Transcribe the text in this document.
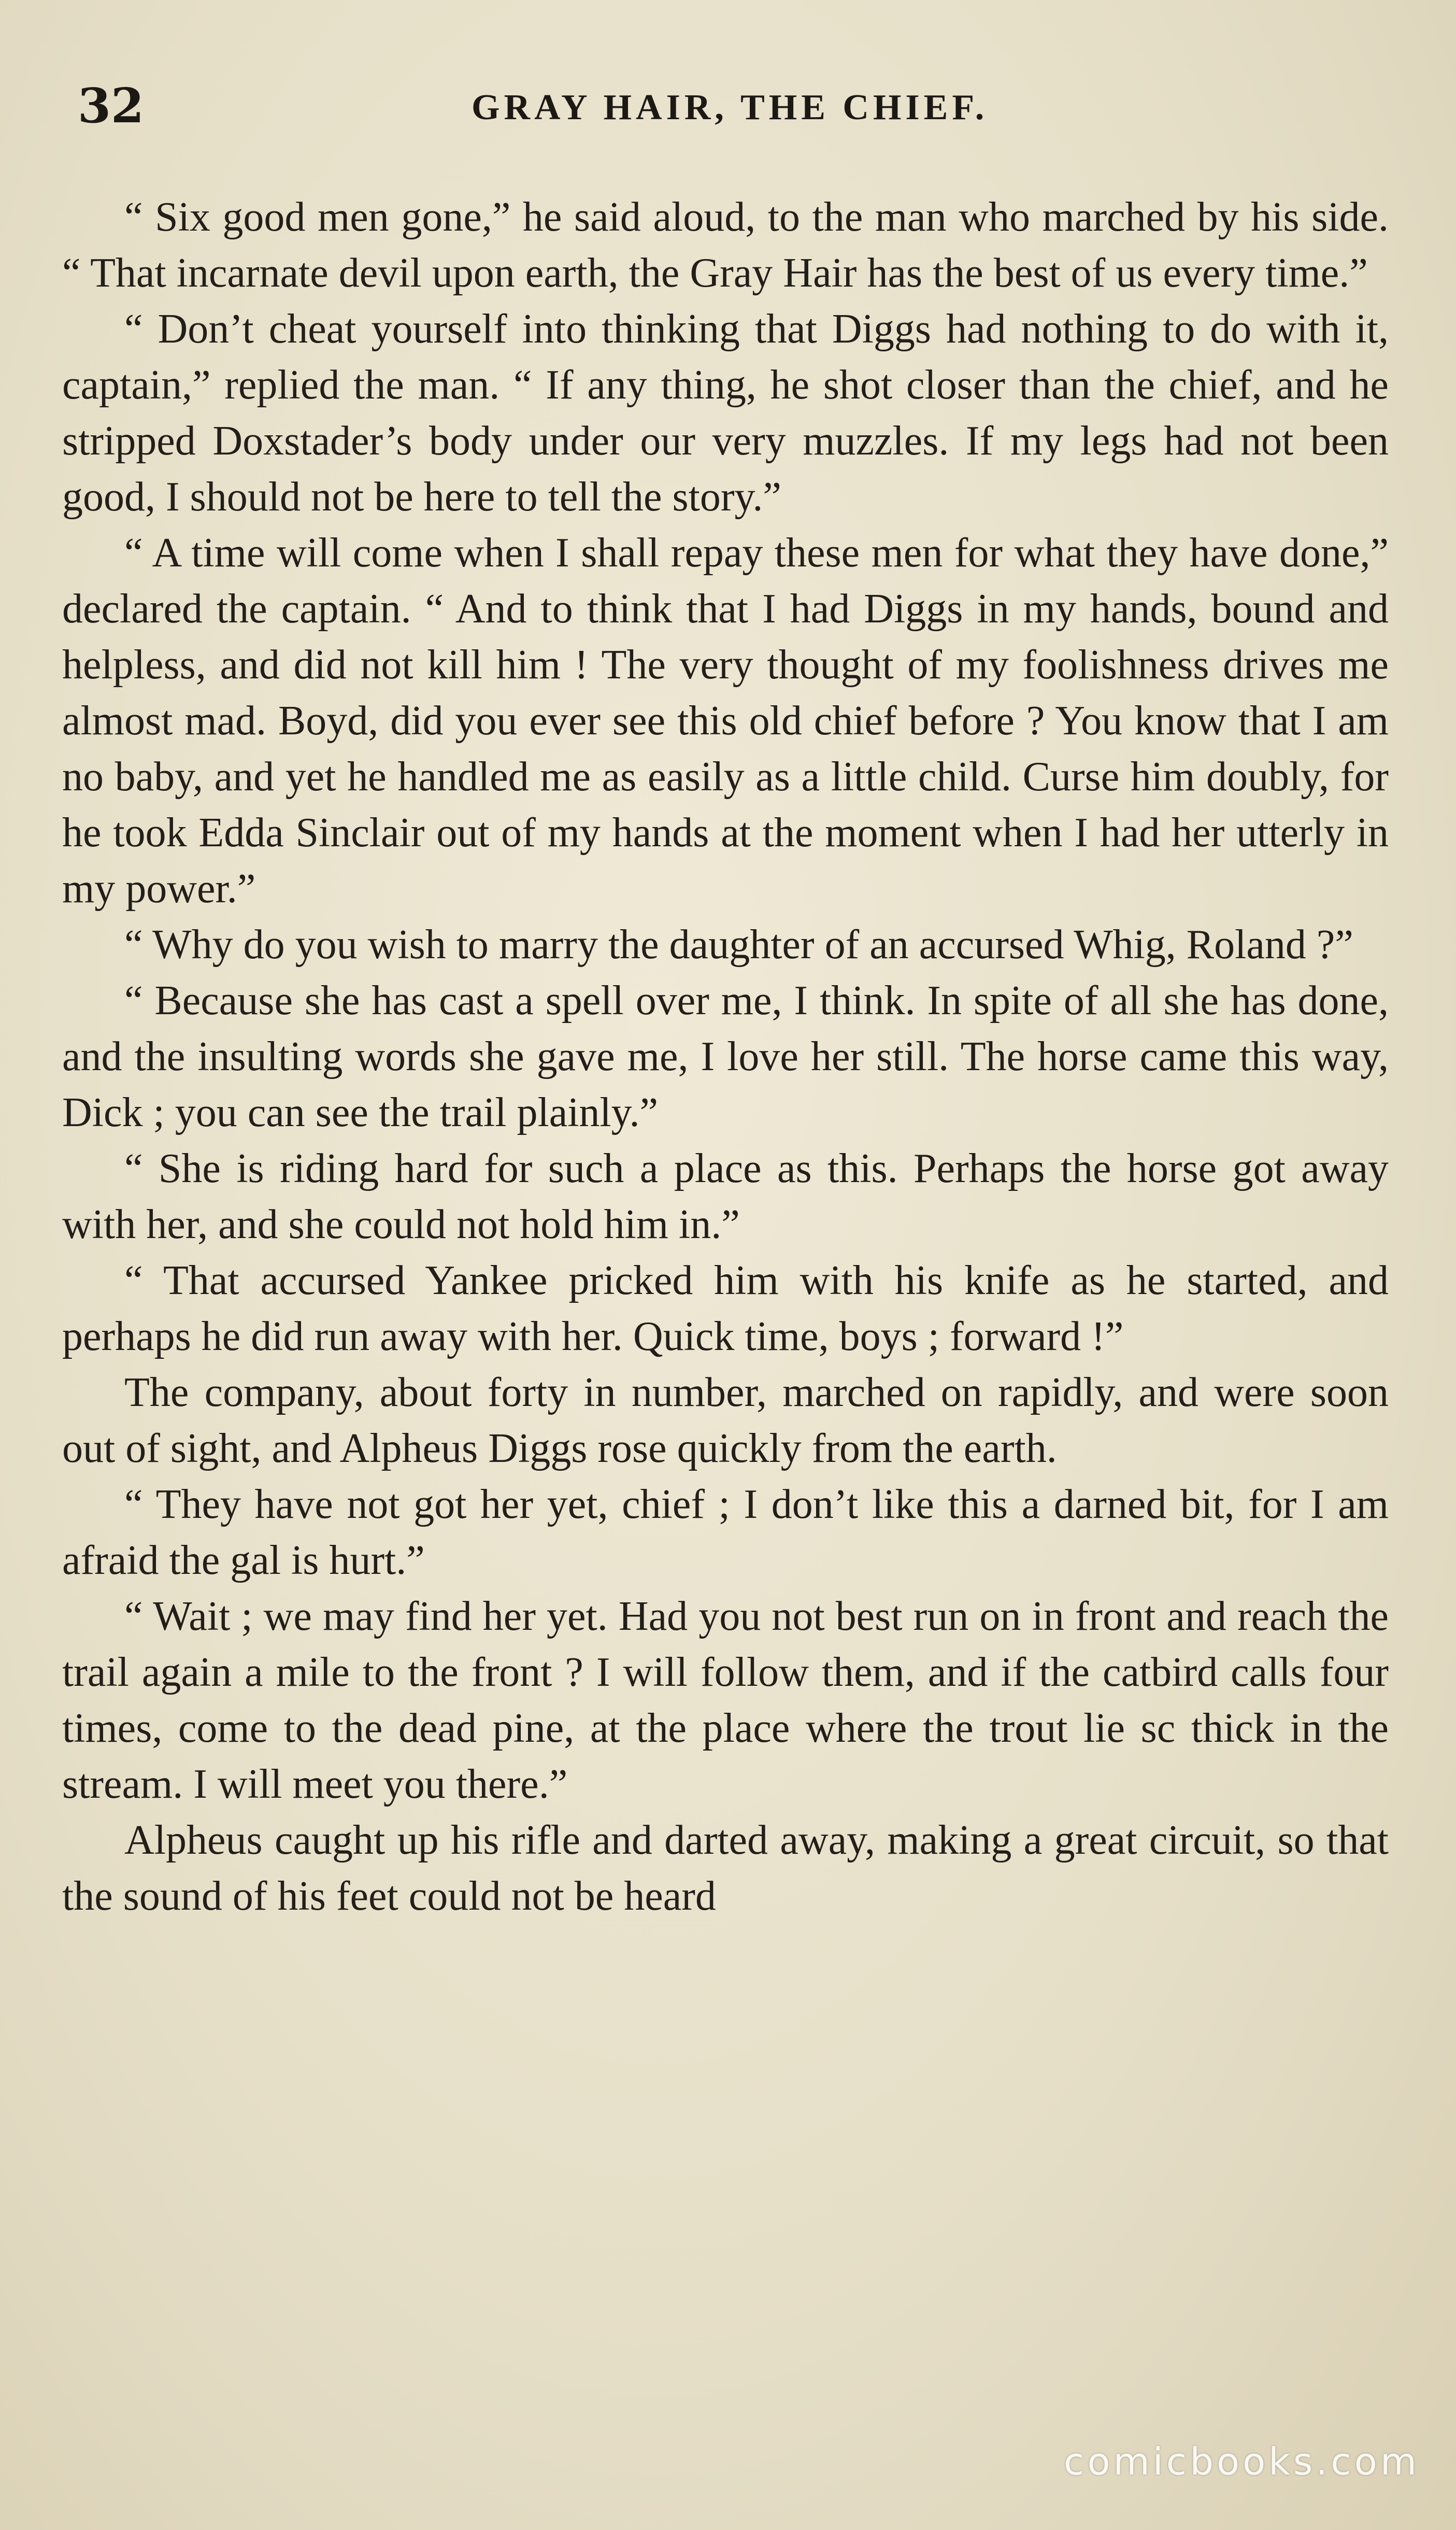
32	GRAY HAIR, THE CHIEF.

“ Six good men gone,” he said aloud, to the man who marched by his side. “ That incarnate devil upon earth, the Gray Hair has the best of us every time.”

“ Don’t cheat yourself into thinking that Diggs had nothing to do with it, captain,” replied the man. “ If any thing, he shot closer than the chief, and he stripped Doxstader’s body under our very muzzles. If my legs had not been good, I should not be here to tell the story.”

“ A time will come when I shall repay these men for what they have done,” declared the captain. “ And to think that I had Diggs in my hands, bound and helpless, and did not kill him ! The very thought of my foolishness drives me almost mad. Boyd, did you ever see this old chief before ? You know that I am no baby, and yet he handled me as easily as a little child. Curse him doubly, for he took Edda Sinclair out of my hands at the moment when I had her utterly in my power.”

“ Why do you wish to marry the daughter of an accursed Whig, Roland ?”

“ Because she has cast a spell over me, I think. In spite of all she has done, and the insulting words she gave me, I love her still. The horse came this way, Dick ; you can see the trail plainly.”

“ She is riding hard for such a place as this. Perhaps the horse got away with her, and she could not hold him in.”

“ That accursed Yankee pricked him with his knife as he started, and perhaps he did run away with her. Quick time, boys ; forward !”

The company, about forty in number, marched on rapidly, and were soon out of sight, and Alpheus Diggs rose quickly from the earth.

“ They have not got her yet, chief ; I don’t like this a darned bit, for I am afraid the gal is hurt.”

“ Wait ; we may find her yet. Had you not best run on in front and reach the trail again a mile to the front ? I will follow them, and if the catbird calls four times, come to the dead pine, at the place where the trout lie sc thick in the stream. I will meet you there.”

Alpheus caught up his rifle and darted away, making a great circuit, so that the sound of his feet could not be heard

comicbooks.com
